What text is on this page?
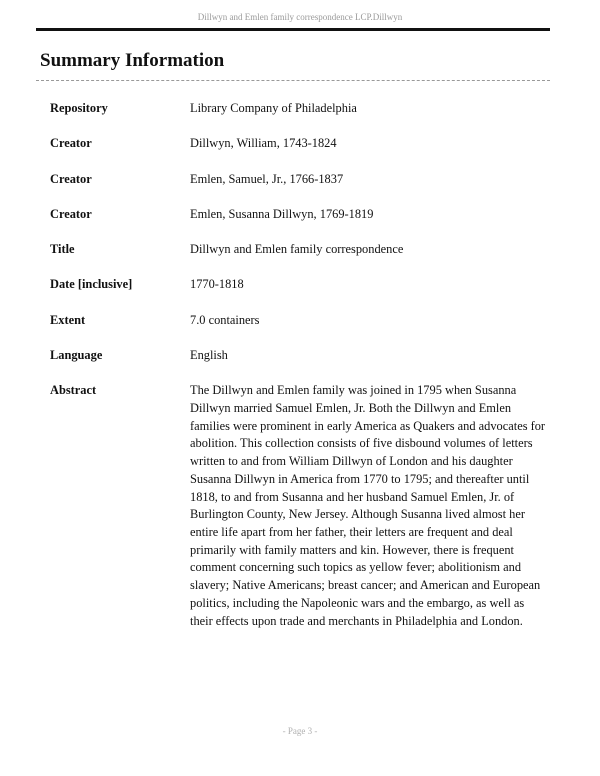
Dillwyn and Emlen family correspondence LCP.Dillwyn
Summary Information
Repository	Library Company of Philadelphia
Creator	Dillwyn, William, 1743-1824
Creator	Emlen, Samuel, Jr., 1766-1837
Creator	Emlen, Susanna Dillwyn, 1769-1819
Title	Dillwyn and Emlen family correspondence
Date [inclusive]	1770-1818
Extent	7.0 containers
Language	English
Abstract	The Dillwyn and Emlen family was joined in 1795 when Susanna Dillwyn married Samuel Emlen, Jr. Both the Dillwyn and Emlen families were prominent in early America as Quakers and advocates for abolition. This collection consists of five disbound volumes of letters written to and from William Dillwyn of London and his daughter Susanna Dillwyn in America from 1770 to 1795; and thereafter until 1818, to and from Susanna and her husband Samuel Emlen, Jr. of Burlington County, New Jersey. Although Susanna lived almost her entire life apart from her father, their letters are frequent and deal primarily with family matters and kin. However, there is frequent comment concerning such topics as yellow fever; abolitionism and slavery; Native Americans; breast cancer; and American and European politics, including the Napoleonic wars and the embargo, as well as their effects upon trade and merchants in Philadelphia and London.
- Page 3 -
